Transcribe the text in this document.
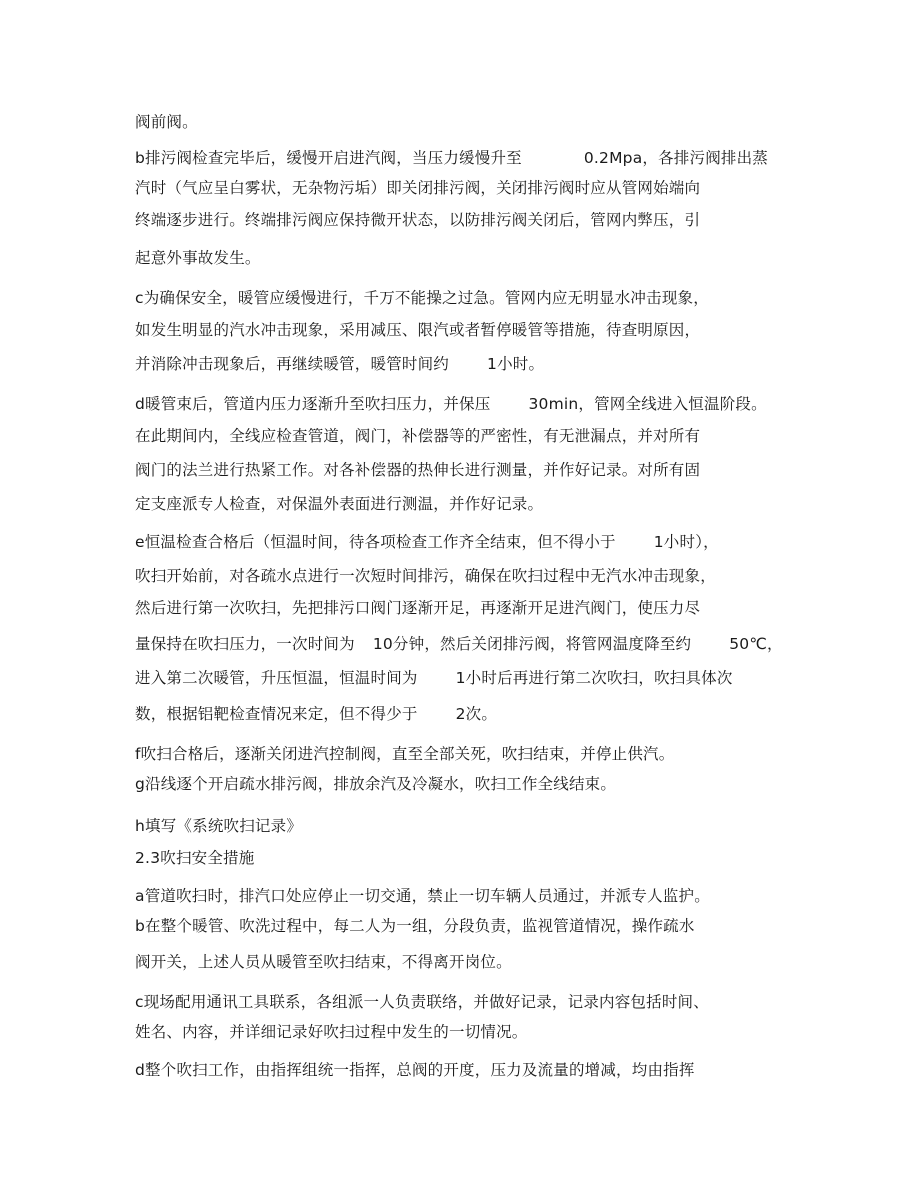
阀前阀。
b排污阀检查完毕后，缓慢开启进汽阀，当压力缓慢升至	0.2Mpa，各排污阀排出蒸
汽时（气应呈白雾状，无杂物污垢）即关闭排污阀，关闭排污阀时应从管网始端向
终端逐步进行。终端排污阀应保持微开状态，以防排污阀关闭后，管网内弊压，引
起意外事故发生。
c为确保安全，暖管应缓慢进行，千万不能操之过急。管网内应无明显水冲击现象，
如发生明显的汽水冲击现象，采用减压、限汽或者暂停暖管等措施，待查明原因，
并消除冲击现象后，再继续暖管，暖管时间约 1小时。
d暖管束后，管道内压力逐渐升至吹扫压力，并保压 30min，管网全线进入恒温阶段。
在此期间内，全线应检查管道，阀门，补偿器等的严密性，有无泄漏点，并对所有
阀门的法兰进行热紧工作。对各补偿器的热伸长进行测量，并作好记录。对所有固
定支座派专人检查，对保温外表面进行测温，并作好记录。
e恒温检查合格后（恒温时间，待各项检查工作齐全结束，但不得小于 1小时），
吹扫开始前，对各疏水点进行一次短时间排污，确保在吹扫过程中无汽水冲击现象，
然后进行第一次吹扫，先把排污口阀门逐渐开足，再逐渐开足进汽阀门，使压力尽
量保持在吹扫压力，一次时间为 10分钟，然后关闭排污阀，将管网温度降至约 50℃，
进入第二次暖管，升压恒温，恒温时间为 1小时后再进行第二次吹扫，吹扫具体次
数，根据铝靶检查情况来定，但不得少于 2次。
f吹扫合格后，逐渐关闭进汽控制阀，直至全部关死，吹扫结束，并停止供汽。
g沿线逐个开启疏水排污阀，排放余汽及冷凝水，吹扫工作全线结束。
h填写《系统吹扫记录》
2.3吹扫安全措施
a管道吹扫时，排汽口处应停止一切交通，禁止一切车辆人员通过，并派专人监护。
b在整个暖管、吹洗过程中，每二人为一组，分段负责，监视管道情况，操作疏水
阀开关，上述人员从暖管至吹扫结束，不得离开岗位。
c现场配用通讯工具联系，各组派一人负责联络，并做好记录，记录内容包括时间、
姓名、内容，并详细记录好吹扫过程中发生的一切情况。
d整个吹扫工作，由指挥组统一指挥，总阀的开度，压力及流量的增减，均由指挥
